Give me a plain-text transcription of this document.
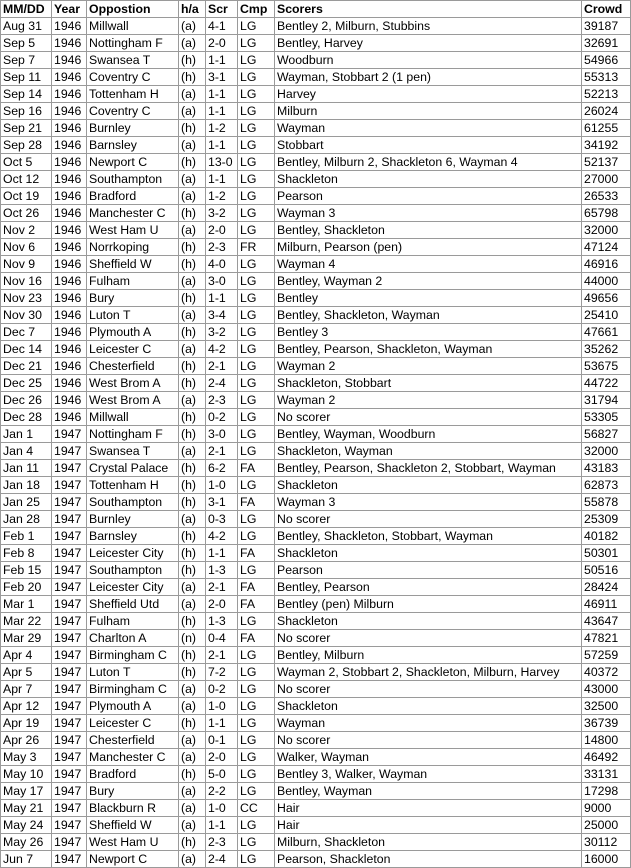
MM/DD	Year	Oppostion	h/a	Scr	Cmp	Scorers	Crowd
Aug 31	1946	Millwall	(a)	4-1	LG	Bentley 2, Milburn, Stubbins	39187
Sep 5	1946	Nottingham F	(a)	2-0	LG	Bentley, Harvey	32691
Sep 7	1946	Swansea T	(h)	1-1	LG	Woodburn	54966
Sep 11	1946	Coventry C	(h)	3-1	LG	Wayman, Stobbart 2 (1 pen)	55313
Sep 14	1946	Tottenham H	(a)	1-1	LG	Harvey	52213
Sep 16	1946	Coventry C	(a)	1-1	LG	Milburn	26024
Sep 21	1946	Burnley	(h)	1-2	LG	Wayman	61255
Sep 28	1946	Barnsley	(a)	1-1	LG	Stobbart	34192
Oct 5	1946	Newport C	(h)	13-0	LG	Bentley, Milburn 2, Shackleton 6, Wayman 4	52137
Oct 12	1946	Southampton	(a)	1-1	LG	Shackleton	27000
Oct 19	1946	Bradford	(a)	1-2	LG	Pearson	26533
Oct 26	1946	Manchester C	(h)	3-2	LG	Wayman 3	65798
Nov 2	1946	West Ham U	(a)	2-0	LG	Bentley, Shackleton	32000
Nov 6	1946	Norrkoping	(h)	2-3	FR	Milburn, Pearson (pen)	47124
Nov 9	1946	Sheffield W	(h)	4-0	LG	Wayman 4	46916
Nov 16	1946	Fulham	(a)	3-0	LG	Bentley, Wayman 2	44000
Nov 23	1946	Bury	(h)	1-1	LG	Bentley	49656
Nov 30	1946	Luton T	(a)	3-4	LG	Bentley, Shackleton, Wayman	25410
Dec 7	1946	Plymouth A	(h)	3-2	LG	Bentley 3	47661
Dec 14	1946	Leicester C	(a)	4-2	LG	Bentley, Pearson, Shackleton, Wayman	35262
Dec 21	1946	Chesterfield	(h)	2-1	LG	Wayman 2	53675
Dec 25	1946	West Brom A	(h)	2-4	LG	Shackleton, Stobbart	44722
Dec 26	1946	West Brom A	(a)	2-3	LG	Wayman 2	31794
Dec 28	1946	Millwall	(h)	0-2	LG	No scorer	53305
Jan 1	1947	Nottingham F	(h)	3-0	LG	Bentley, Wayman, Woodburn	56827
Jan 4	1947	Swansea T	(a)	2-1	LG	Shackleton, Wayman	32000
Jan 11	1947	Crystal Palace	(h)	6-2	FA	Bentley, Pearson, Shackleton 2, Stobbart, Wayman	43183
Jan 18	1947	Tottenham H	(h)	1-0	LG	Shackleton	62873
Jan 25	1947	Southampton	(h)	3-1	FA	Wayman 3	55878
Jan 28	1947	Burnley	(a)	0-3	LG	No scorer	25309
Feb 1	1947	Barnsley	(h)	4-2	LG	Bentley, Shackleton, Stobbart, Wayman	40182
Feb 8	1947	Leicester City	(h)	1-1	FA	Shackleton	50301
Feb 15	1947	Southampton	(h)	1-3	LG	Pearson	50516
Feb 20	1947	Leicester City	(a)	2-1	FA	Bentley, Pearson	28424
Mar 1	1947	Sheffield Utd	(a)	2-0	FA	Bentley (pen) Milburn	46911
Mar 22	1947	Fulham	(h)	1-3	LG	Shackleton	43647
Mar 29	1947	Charlton A	(n)	0-4	FA	No scorer	47821
Apr 4	1947	Birmingham C	(h)	2-1	LG	Bentley, Milburn	57259
Apr 5	1947	Luton T	(h)	7-2	LG	Wayman 2, Stobbart 2, Shackleton, Milburn, Harvey	40372
Apr 7	1947	Birmingham C	(a)	0-2	LG	No scorer	43000
Apr 12	1947	Plymouth A	(a)	1-0	LG	Shackleton	32500
Apr 19	1947	Leicester C	(h)	1-1	LG	Wayman	36739
Apr 26	1947	Chesterfield	(a)	0-1	LG	No scorer	14800
May 3	1947	Manchester C	(a)	2-0	LG	Walker, Wayman	46492
May 10	1947	Bradford	(h)	5-0	LG	Bentley 3, Walker, Wayman	33131
May 17	1947	Bury	(a)	2-2	LG	Bentley, Wayman	17298
May 21	1947	Blackburn R	(a)	1-0	CC	Hair	9000
May 24	1947	Sheffield W	(a)	1-1	LG	Hair	25000
May 26	1947	West Ham U	(h)	2-3	LG	Milburn, Shackleton	30112
Jun 7	1947	Newport C	(a)	2-4	LG	Pearson, Shackleton	16000
